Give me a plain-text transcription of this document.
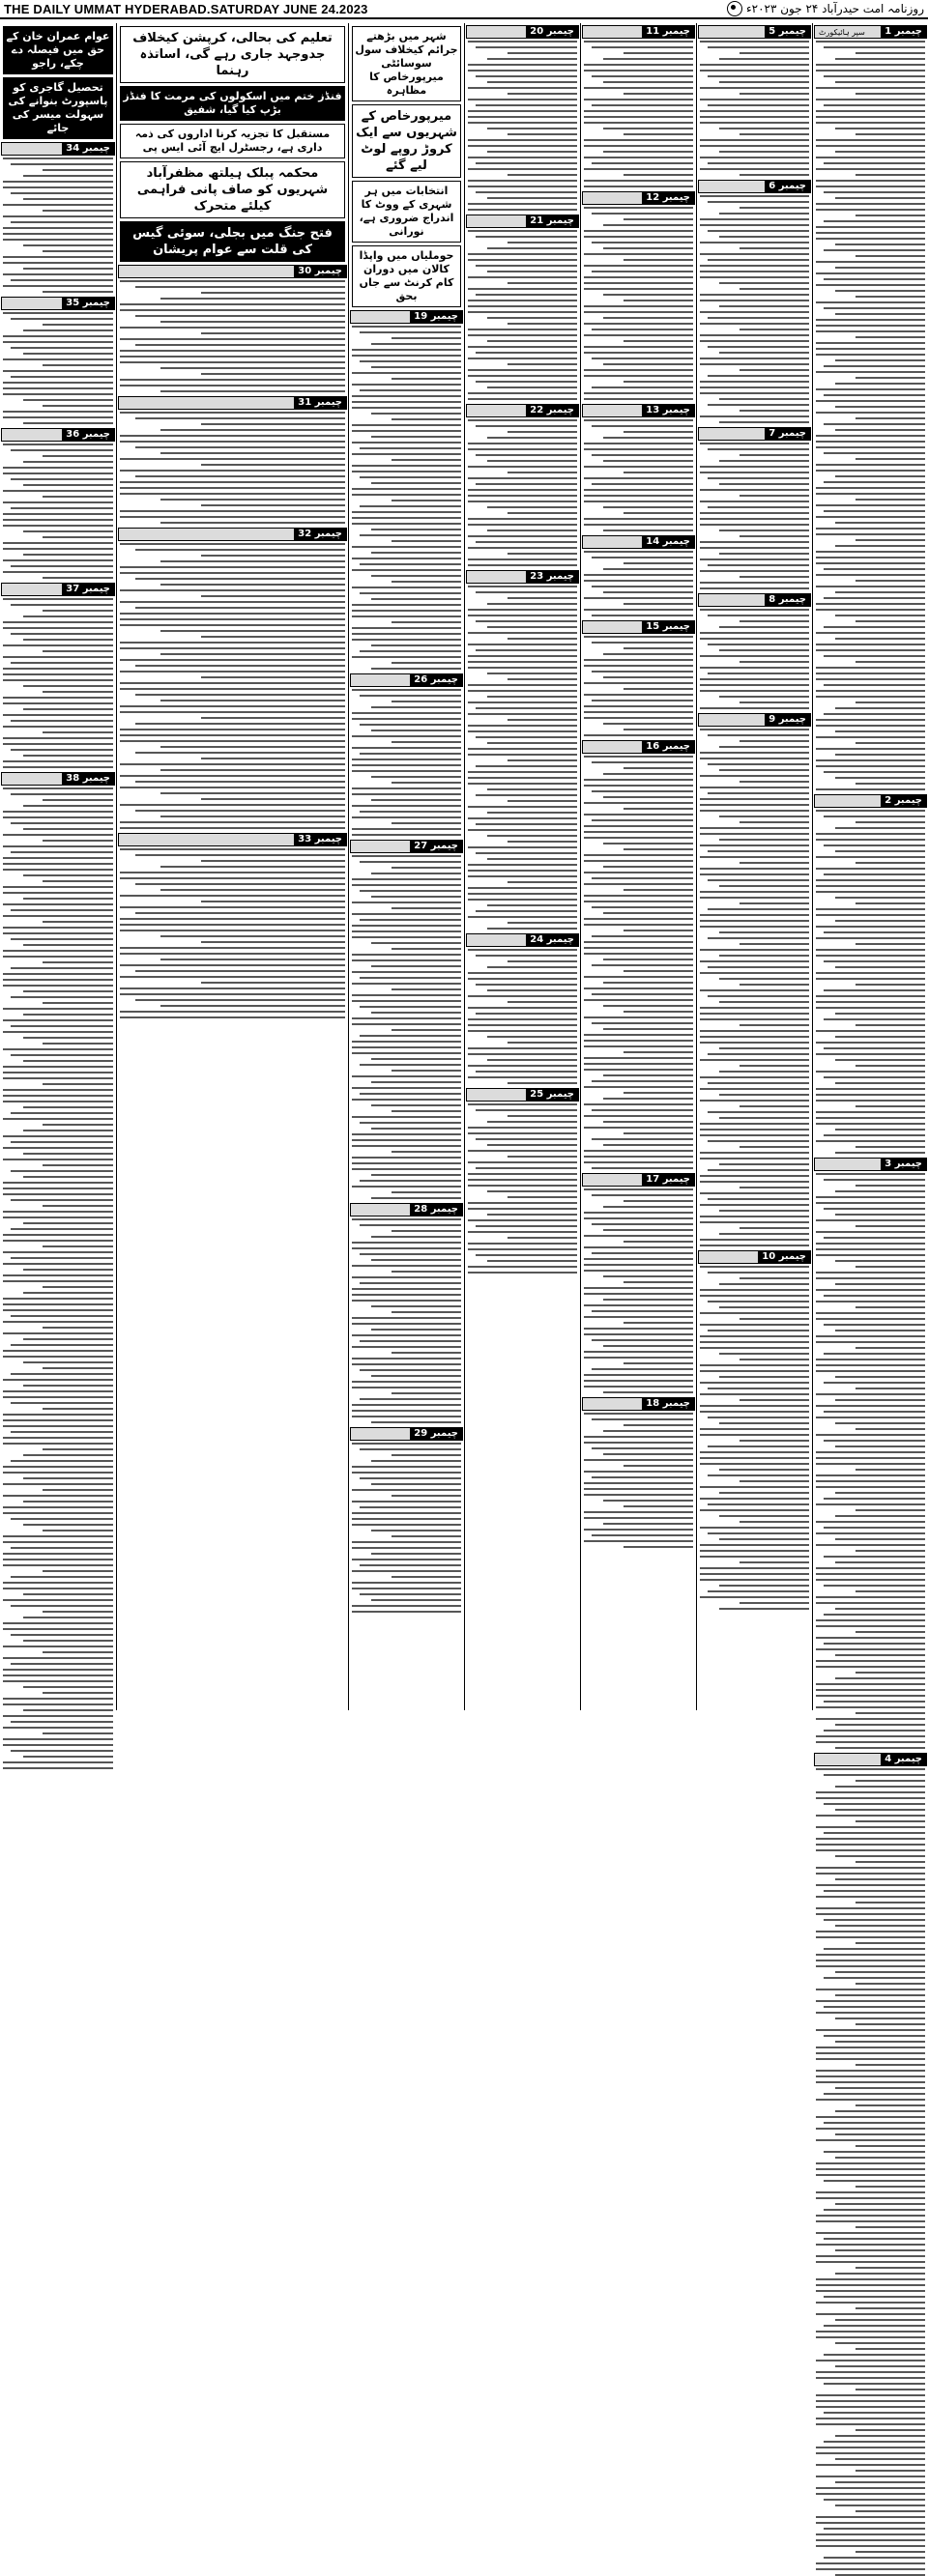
THE DAILY UMMAT HYDERABAD.SATURDAY JUNE 24.2023	روزنامہ امت حیدرآباد ۲۴ جون ۲۰۲۳ء
چیمبر 1
سپر ہائیکورٹ
چیمبر 2
چیمبر 3
چیمبر 4
چیمبر 5
چیمبر 6
چیمبر 7
چیمبر 8
چیمبر 9
چیمبر 10
چیمبر 11
چیمبر 12
چیمبر 13
چیمبر 14
چیمبر 15
چیمبر 16
چیمبر 17
چیمبر 18
چیمبر 20
چیمبر 21
چیمبر 22
چیمبر 23
چیمبر 24
چیمبر 25
شہر میں بڑھتے جرائم کیخلاف سول سوسائٹی میرپورخاص کا مظاہرہ
میرپورخاص کے شہریوں سے ایک کروڑ روپے لوٹ لیے گئے
انتخابات میں ہر شہری کے ووٹ کا اندراج ضروری ہے، نورانی
حوملیاں میں واپڈا کالان میں دوران کام کرنٹ سے جاں بحق
چیمبر 19
چیمبر 26
چیمبر 27
چیمبر 28
چیمبر 29
تعلیم کی بحالی، کرپشن کیخلاف جدوجہد جاری رہے گی، اساتذہ رہنما
فنڈز ختم میں اسکولوں کی مرمت کا فنڈز بڑپ کیا گیا، شفیق
مستقبل کا تجزیہ کرنا اداروں کی ذمہ داری ہے، رجسٹرل ایچ آئی ایس پی
محکمہ پبلک ہیلتھ مظفرآباد شہریوں کو صاف پانی فراہمی کیلئے متحرک
فتح جنگ میں بجلی، سوئی گیس کی قلت سے عوام پریشان
چیمبر 30
چیمبر 31
چیمبر 32
چیمبر 33
عوام عمران خان کے حق میں فیصلہ دے چکے، راجو
تحصیل گاجری کو پاسپورٹ بنوانے کی سہولت میسر کی جائے
چیمبر 34
چیمبر 35
چیمبر 36
چیمبر 37
چیمبر 38
